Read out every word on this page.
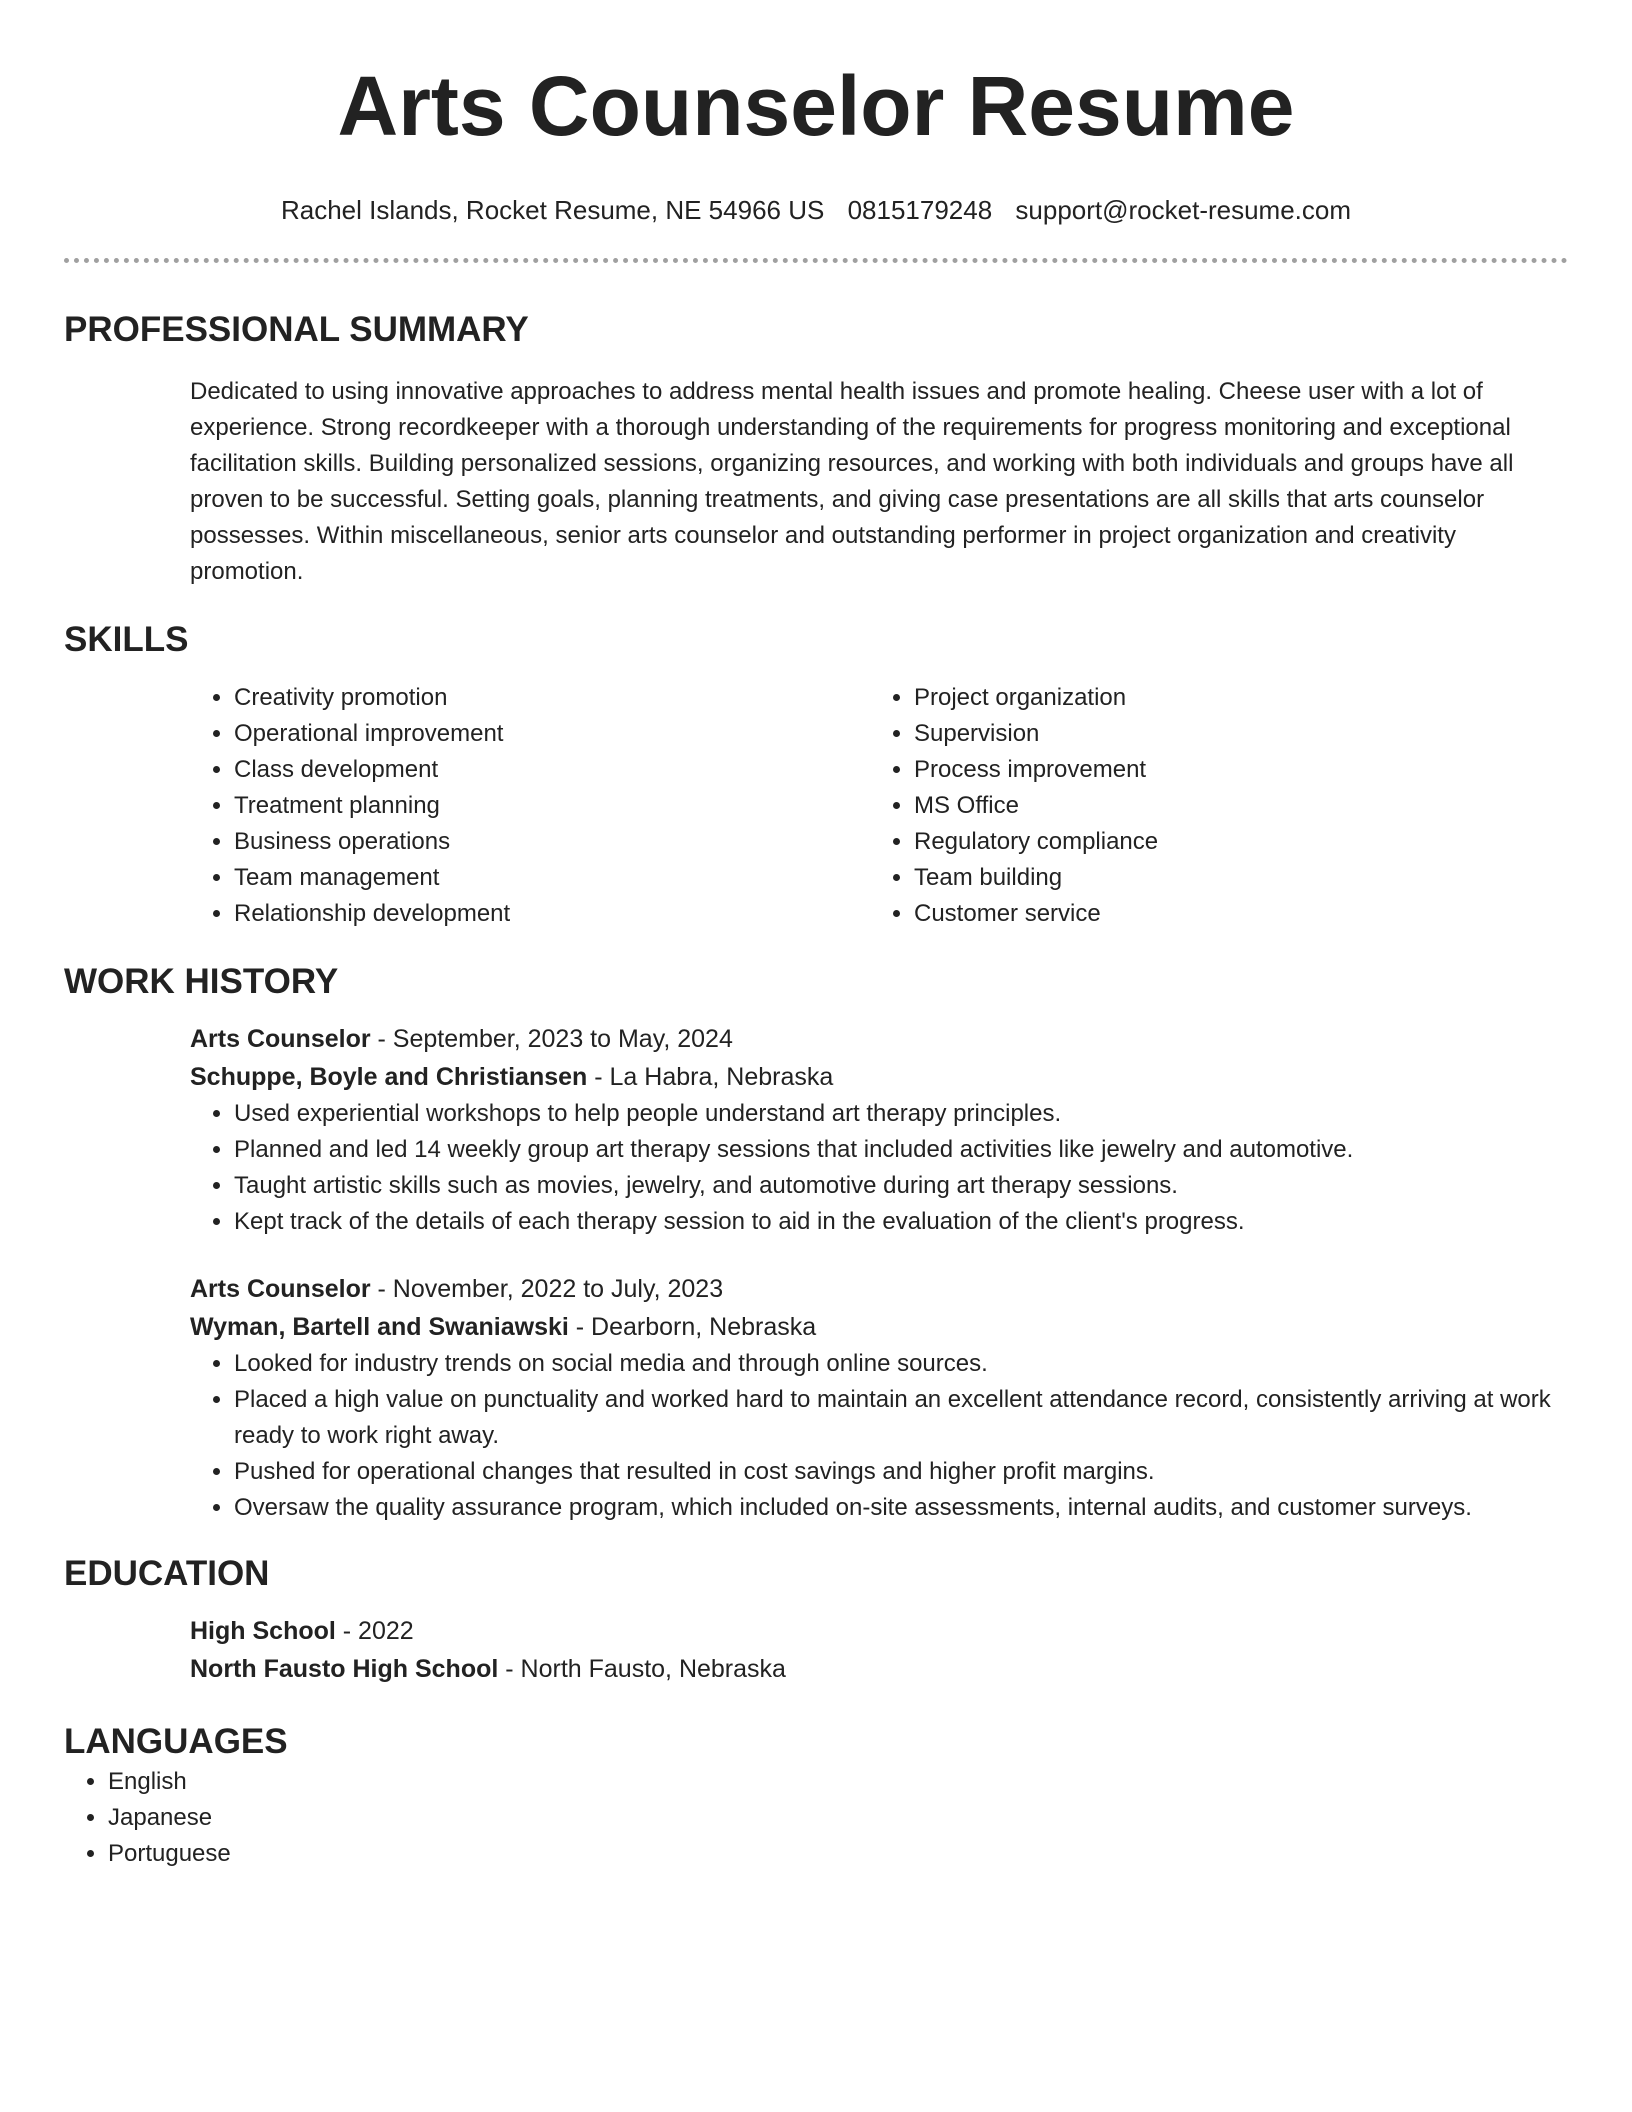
Arts Counselor Resume
Rachel Islands, Rocket Resume, NE 54966 US 0815179248 support@rocket-resume.com
PROFESSIONAL SUMMARY

Dedicated to using innovative approaches to address mental health issues and promote healing. Cheese user with a lot of experience. Strong recordkeeper with a thorough understanding of the requirements for progress monitoring and exceptional facilitation skills. Building personalized sessions, organizing resources, and working with both individuals and groups have all proven to be successful. Setting goals, planning treatments, and giving case presentations are all skills that arts counselor possesses. Within miscellaneous, senior arts counselor and outstanding performer in project organization and creativity promotion.

SKILLS
• Creativity promotion
• Operational improvement
• Class development
• Treatment planning
• Business operations
• Team management
• Relationship development
• Project organization
• Supervision
• Process improvement
• MS Office
• Regulatory compliance
• Team building
• Customer service
WORK HISTORY
Arts Counselor - September, 2023 to May, 2024
Schuppe, Boyle and Christiansen - La Habra, Nebraska
• Used experiential workshops to help people understand art therapy principles.
• Planned and led 14 weekly group art therapy sessions that included activities like jewelry and automotive.
• Taught artistic skills such as movies, jewelry, and automotive during art therapy sessions.
• Kept track of the details of each therapy session to aid in the evaluation of the client's progress.
Arts Counselor - November, 2022 to July, 2023
Wyman, Bartell and Swaniawski - Dearborn, Nebraska
• Looked for industry trends on social media and through online sources.
• Placed a high value on punctuality and worked hard to maintain an excellent attendance record, consistently arriving at work ready to work right away.
• Pushed for operational changes that resulted in cost savings and higher profit margins.
• Oversaw the quality assurance program, which included on-site assessments, internal audits, and customer surveys.
EDUCATION
High School - 2022
North Fausto High School - North Fausto, Nebraska
LANGUAGES
• English
• Japanese
• Portuguese
